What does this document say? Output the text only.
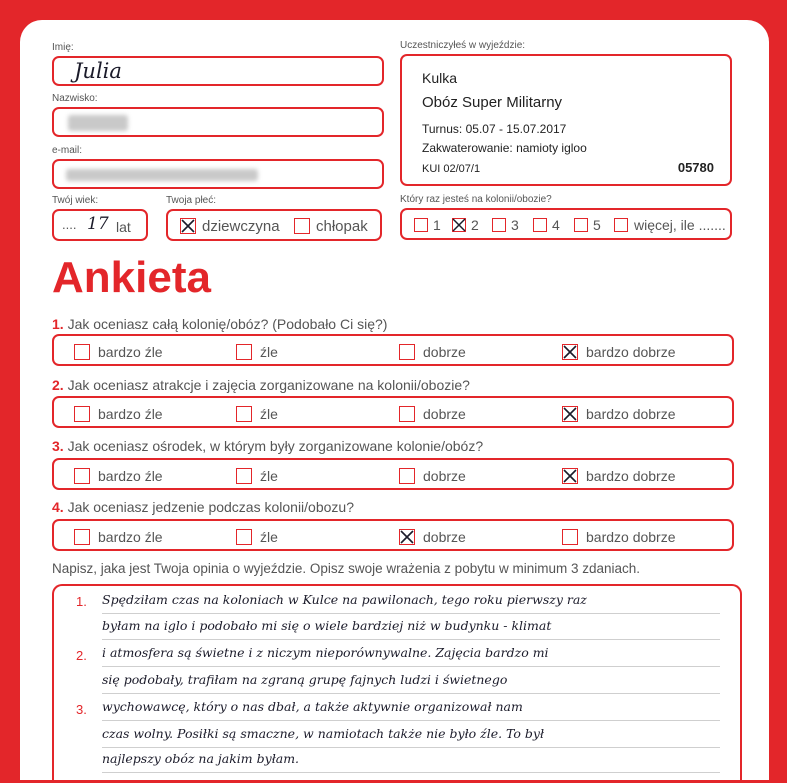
Imię:
Julia
Nazwisko:
e-mail:
Twój wiek:
.... 17 lat
Twoja płeć:
dziewczyna chłopak
Uczestniczyłeś w wyjeździe:
Kulka
Obóz Super Militarny
Turnus: 05.07 - 15.07.2017
Zakwaterowanie: namioty igloo
KUI 02/07/1	05780
Który raz jesteś na kolonii/obozie?
1 2 3 4 5 więcej, ile .......
Ankieta
1. Jak oceniasz całą kolonię/obóz? (Podobało Ci się?)
bardzo źle	źle	dobrze	bardzo dobrze
2. Jak oceniasz atrakcje i zajęcia zorganizowane na kolonii/obozie?
bardzo źle	źle	dobrze	bardzo dobrze
3. Jak oceniasz ośrodek, w którym były zorganizowane kolonie/obóz?
bardzo źle	źle	dobrze	bardzo dobrze
4. Jak oceniasz jedzenie podczas kolonii/obozu?
bardzo źle	źle	dobrze	bardzo dobrze
Napisz, jaka jest Twoja opinia o wyjeździe. Opisz swoje wrażenia z pobytu w minimum 3 zdaniach.
1.
2.
3.
Spędziłam czas na koloniach w Kulce na pawilonach, tego roku pierwszy raz
byłam na iglo i podobało mi się o wiele bardziej niż w budynku - klimat
i atmosfera są świetne i z niczym nieporównywalne. Zajęcia bardzo mi
się podobały, trafiłam na zgraną grupę fajnych ludzi i świetnego
wychowawcę, który o nas dbał, a także aktywnie organizował nam
czas wolny. Posiłki są smaczne, w namiotach także nie było źle. To był
najlepszy obóz na jakim byłam.
